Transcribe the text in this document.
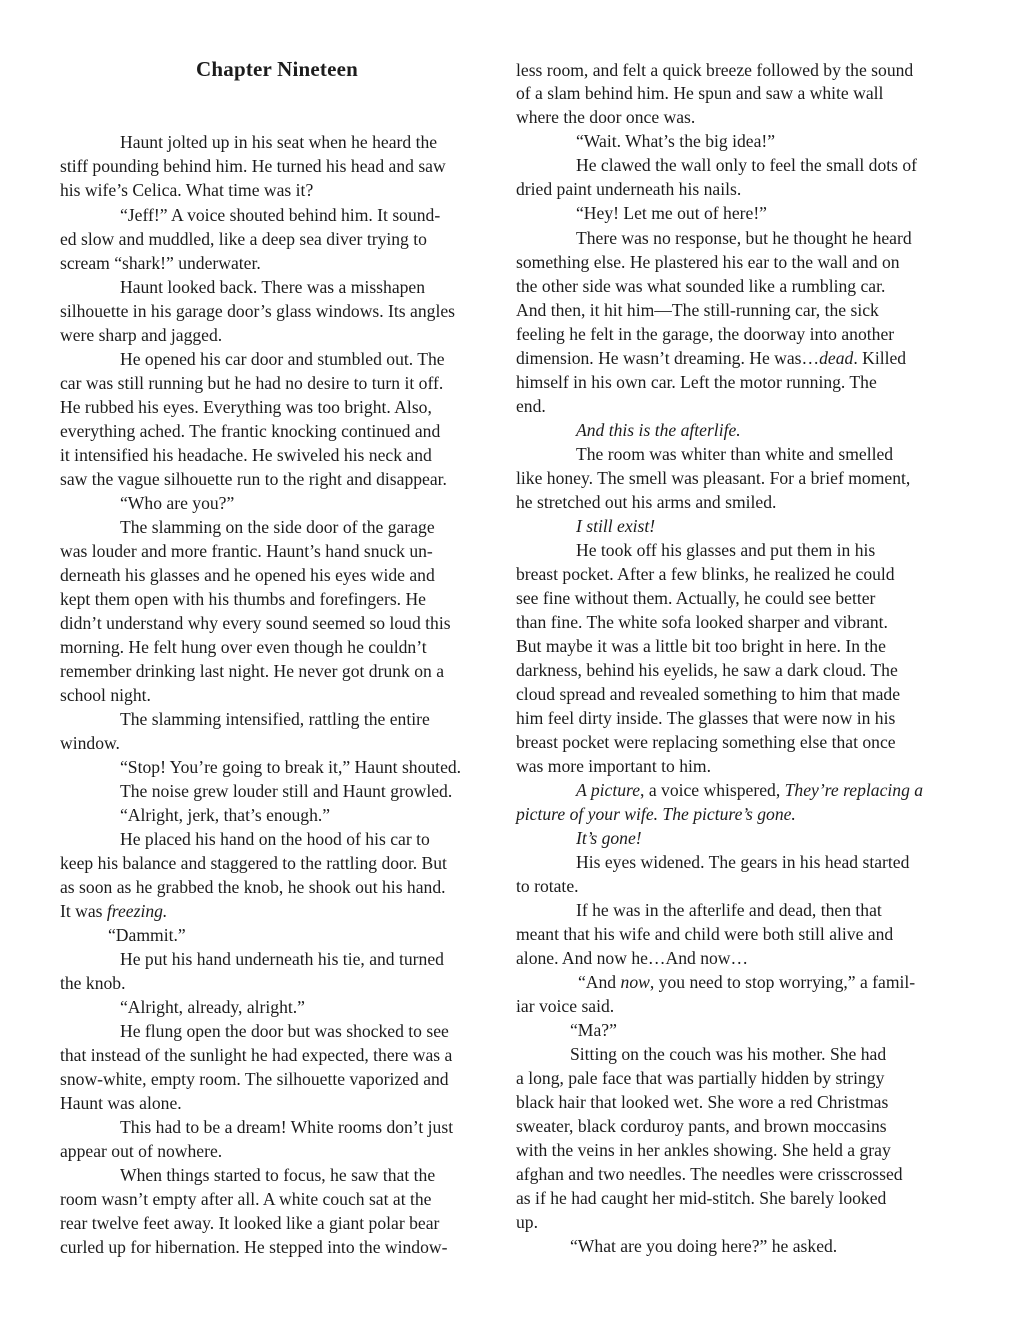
Chapter Nineteen
Haunt jolted up in his seat when he heard the
stiff pounding behind him. He turned his head and saw
his wife’s Celica. What time was it?
“Jeff!” A voice shouted behind him. It sound-
ed slow and muddled, like a deep sea diver trying to
scream “shark!” underwater.
Haunt looked back. There was a misshapen
silhouette in his garage door’s glass windows. Its angles
were sharp and jagged.
He opened his car door and stumbled out. The
car was still running but he had no desire to turn it off.
He rubbed his eyes. Everything was too bright. Also,
everything ached. The frantic knocking continued and
it intensified his headache. He swiveled his neck and
saw the vague silhouette run to the right and disappear.
“Who are you?”
The slamming on the side door of the garage
was louder and more frantic. Haunt’s hand snuck un-
derneath his glasses and he opened his eyes wide and
kept them open with his thumbs and forefingers. He
didn’t understand why every sound seemed so loud this
morning. He felt hung over even though he couldn’t
remember drinking last night. He never got drunk on a
school night.
The slamming intensified, rattling the entire
window.
“Stop! You’re going to break it,” Haunt shouted.
The noise grew louder still and Haunt growled.
“Alright, jerk, that’s enough.”
He placed his hand on the hood of his car to
keep his balance and staggered to the rattling door. But
as soon as he grabbed the knob, he shook out his hand.
It was freezing.
“Dammit.”
He put his hand underneath his tie, and turned
the knob.
“Alright, already, alright.”
He flung open the door but was shocked to see
that instead of the sunlight he had expected, there was a
snow-white, empty room. The silhouette vaporized and
Haunt was alone.
This had to be a dream! White rooms don’t just
appear out of nowhere.
When things started to focus, he saw that the
room wasn’t empty after all. A white couch sat at the
rear twelve feet away. It looked like a giant polar bear
curled up for hibernation. He stepped into the window-
less room, and felt a quick breeze followed by the sound
of a slam behind him. He spun and saw a white wall
where the door once was.
“Wait. What’s the big idea!”
He clawed the wall only to feel the small dots of
dried paint underneath his nails.
“Hey! Let me out of here!”
There was no response, but he thought he heard
something else. He plastered his ear to the wall and on
the other side was what sounded like a rumbling car.
And then, it hit him—The still-running car, the sick
feeling he felt in the garage, the doorway into another
dimension. He wasn’t dreaming. He was…dead. Killed
himself in his own car. Left the motor running. The
end.
And this is the afterlife.
The room was whiter than white and smelled
like honey. The smell was pleasant. For a brief moment,
he stretched out his arms and smiled.
I still exist!
He took off his glasses and put them in his
breast pocket. After a few blinks, he realized he could
see fine without them. Actually, he could see better
than fine. The white sofa looked sharper and vibrant.
But maybe it was a little bit too bright in here. In the
darkness, behind his eyelids, he saw a dark cloud. The
cloud spread and revealed something to him that made
him feel dirty inside. The glasses that were now in his
breast pocket were replacing something else that once
was more important to him.
A picture, a voice whispered, They’re replacing a
picture of your wife. The picture’s gone.
It’s gone!
His eyes widened. The gears in his head started
to rotate.
If he was in the afterlife and dead, then that
meant that his wife and child were both still alive and
alone. And now he…And now…
“And now, you need to stop worrying,” a famil-
iar voice said.
“Ma?”
Sitting on the couch was his mother. She had
a long, pale face that was partially hidden by stringy
black hair that looked wet. She wore a red Christmas
sweater, black corduroy pants, and brown moccasins
with the veins in her ankles showing. She held a gray
afghan and two needles. The needles were crisscrossed
as if he had caught her mid-stitch. She barely looked
up.
“What are you doing here?” he asked.
